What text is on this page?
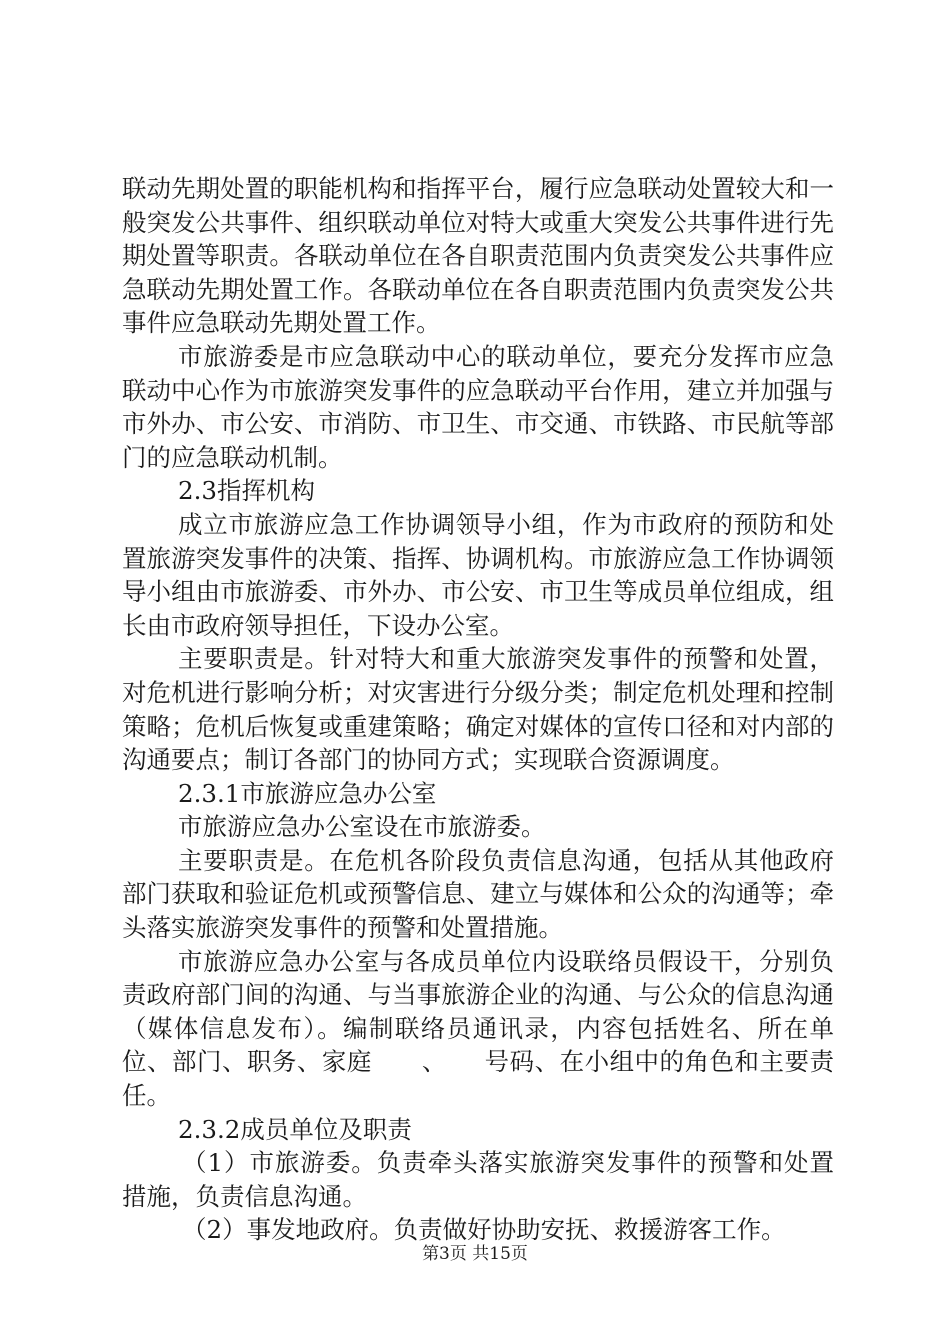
联动先期处置的职能机构和指挥平台，履行应急联动处置较大和一般突发公共事件、组织联动单位对特大或重大突发公共事件进行先期处置等职责。各联动单位在各自职责范围内负责突发公共事件应急联动先期处置工作。各联动单位在各自职责范围内负责突发公共事件应急联动先期处置工作。

市旅游委是市应急联动中心的联动单位，要充分发挥市应急联动中心作为市旅游突发事件的应急联动平台作用，建立并加强与市外办、市公安、市消防、市卫生、市交通、市铁路、市民航等部门的应急联动机制。

2.3指挥机构

成立市旅游应急工作协调领导小组，作为市政府的预防和处置旅游突发事件的决策、指挥、协调机构。市旅游应急工作协调领导小组由市旅游委、市外办、市公安、市卫生等成员单位组成，组长由市政府领导担任，下设办公室。

主要职责是。针对特大和重大旅游突发事件的预警和处置，对危机进行影响分析；对灾害进行分级分类；制定危机处理和控制策略；危机后恢复或重建策略；确定对媒体的宣传口径和对内部的沟通要点；制订各部门的协同方式；实现联合资源调度。

2.3.1市旅游应急办公室

市旅游应急办公室设在市旅游委。

主要职责是。在危机各阶段负责信息沟通，包括从其他政府部门获取和验证危机或预警信息、建立与媒体和公众的沟通等；牵头落实旅游突发事件的预警和处置措施。

市旅游应急办公室与各成员单位内设联络员假设干，分别负责政府部门间的沟通、与当事旅游企业的沟通、与公众的信息沟通（媒体信息发布）。编制联络员通讯录，内容包括姓名、所在单位、部门、职务、家庭　　、　　号码、在小组中的角色和主要责任。

2.3.2成员单位及职责

（1）市旅游委。负责牵头落实旅游突发事件的预警和处置措施，负责信息沟通。

（2）事发地政府。负责做好协助安抚、救援游客工作。

第3页 共15页
